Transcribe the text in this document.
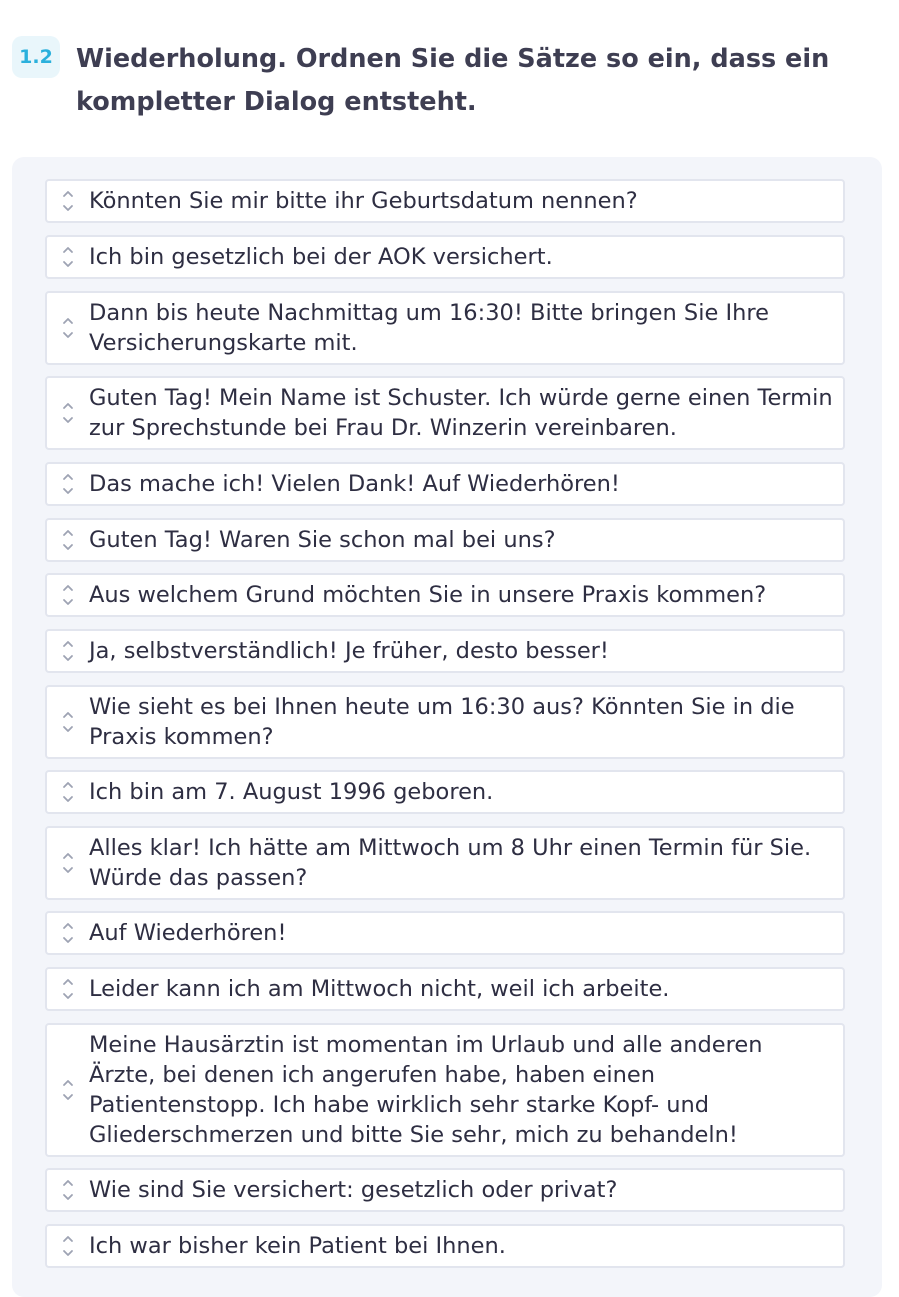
1.2 Wiederholung. Ordnen Sie die Sätze so ein, dass ein kompletter Dialog entsteht.
Könnten Sie mir bitte ihr Geburtsdatum nennen?
Ich bin gesetzlich bei der AOK versichert.
Dann bis heute Nachmittag um 16:30! Bitte bringen Sie Ihre Versicherungskarte mit.
Guten Tag! Mein Name ist Schuster. Ich würde gerne einen Termin zur Sprechstunde bei Frau Dr. Winzerin vereinbaren.
Das mache ich! Vielen Dank! Auf Wiederhören!
Guten Tag! Waren Sie schon mal bei uns?
Aus welchem Grund möchten Sie in unsere Praxis kommen?
Ja, selbstverständlich! Je früher, desto besser!
Wie sieht es bei Ihnen heute um 16:30 aus? Könnten Sie in die Praxis kommen?
Ich bin am 7. August 1996 geboren.
Alles klar! Ich hätte am Mittwoch um 8 Uhr einen Termin für Sie. Würde das passen?
Auf Wiederhören!
Leider kann ich am Mittwoch nicht, weil ich arbeite.
Meine Hausärztin ist momentan im Urlaub und alle anderen Ärzte, bei denen ich angerufen habe, haben einen Patientenstopp. Ich habe wirklich sehr starke Kopf- und Gliederschmerzen und bitte Sie sehr, mich zu behandeln!
Wie sind Sie versichert: gesetzlich oder privat?
Ich war bisher kein Patient bei Ihnen.
